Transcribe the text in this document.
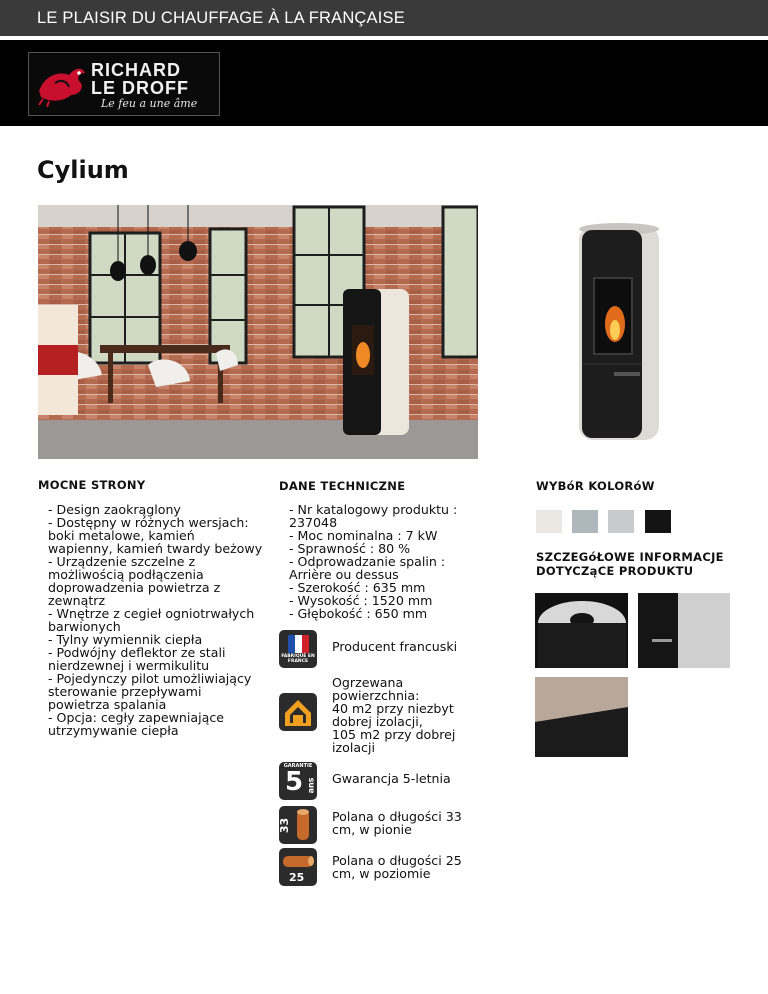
LE PLAISIR DU CHAUFFAGE À LA FRANÇAISE
RICHARD
LE DROFF
Le feu a une âme
Cylium
MOCNE STRONY
- Design zaokrąglony
- Dostępny w różnych wersjach: boki metalowe, kamień wapienny, kamień twardy beżowy
- Urządzenie szczelne z możliwością podłączenia doprowadzenia powietrza z zewnątrz
- Wnętrze z cegieł ogniotrwałych barwionych
- Tylny wymiennik ciepła
- Podwójny deflektor ze stali nierdzewnej i wermikulitu
- Pojedynczy pilot umożliwiający sterowanie przepływami powietrza spalania
- Opcja: cegły zapewniające utrzymywanie ciepła
DANE TECHNICZNE
- Nr katalogowy produktu : 237048
- Moc nominalna : 7 kW
- Sprawność : 80 %
- Odprowadzanie spalin : Arrière ou dessus
- Szerokość : 635 mm
- Wysokość : 1520 mm
- Głębokość : 650 mm
FABRIQUÉ EN FRANCE
Producent francuski
Ogrzewana powierzchnia:
40 m2 przy niezbyt dobrej izolacji,
105 m2 przy dobrej izolacji
GARANTIE
5 ans Gwarancja 5-letnia
33
Polana o długości 33 cm, w pionie
25
Polana o długości 25 cm, w poziomie
WYBóR KOLORóW
SZCZEGóŁOWE INFORMACJE DOTYCZąCE PRODUKTU
